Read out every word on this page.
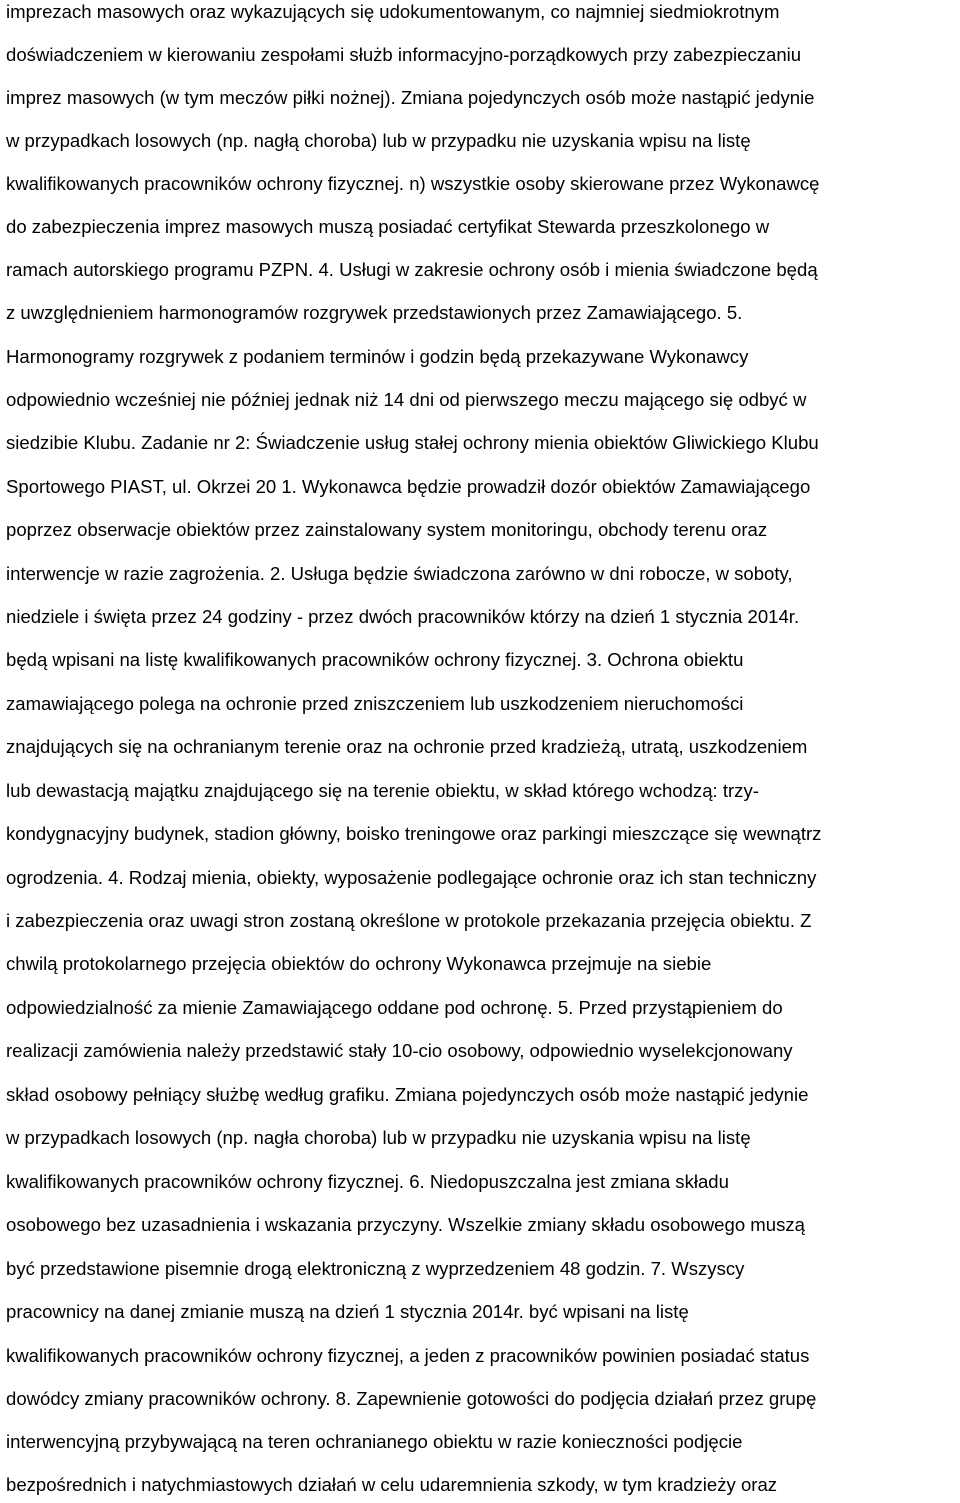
imprezach masowych oraz wykazujących się udokumentowanym, co najmniej siedmiokrotnym
doświadczeniem w kierowaniu zespołami służb informacyjno-porządkowych przy zabezpieczaniu
imprez masowych (w tym meczów piłki nożnej). Zmiana pojedynczych osób może nastąpić jedynie
w przypadkach losowych (np. nagłą choroba) lub w przypadku nie uzyskania wpisu na listę
kwalifikowanych pracowników ochrony fizycznej. n) wszystkie osoby skierowane przez Wykonawcę
do zabezpieczenia imprez masowych muszą posiadać certyfikat Stewarda przeszkolonego w
ramach autorskiego programu PZPN. 4. Usługi w zakresie ochrony osób i mienia świadczone będą
z uwzględnieniem harmonogramów rozgrywek przedstawionych przez Zamawiającego. 5.
Harmonogramy rozgrywek z podaniem terminów i godzin będą przekazywane Wykonawcy
odpowiednio wcześniej nie później jednak niż 14 dni od pierwszego meczu mającego się odbyć w
siedzibie Klubu. Zadanie nr 2: Świadczenie usług stałej ochrony mienia obiektów Gliwickiego Klubu
Sportowego PIAST, ul. Okrzei 20 1. Wykonawca będzie prowadził dozór obiektów Zamawiającego
poprzez obserwacje obiektów przez zainstalowany system monitoringu, obchody terenu oraz
interwencje w razie zagrożenia. 2. Usługa będzie świadczona zarówno w dni robocze, w soboty,
niedziele i święta przez 24 godziny - przez dwóch pracowników którzy na dzień 1 stycznia 2014r.
będą wpisani na listę kwalifikowanych pracowników ochrony fizycznej. 3. Ochrona obiektu
zamawiającego polega na ochronie przed zniszczeniem lub uszkodzeniem nieruchomości
znajdujących się na ochranianym terenie oraz na ochronie przed kradzieżą, utratą, uszkodzeniem
lub dewastacją majątku znajdującego się na terenie obiektu, w skład którego wchodzą: trzy-
kondygnacyjny budynek, stadion główny, boisko treningowe oraz parkingi mieszczące się wewnątrz
ogrodzenia. 4. Rodzaj mienia, obiekty, wyposażenie podlegające ochronie oraz ich stan techniczny
i zabezpieczenia oraz uwagi stron zostaną określone w protokole przekazania przejęcia obiektu. Z
chwilą protokolarnego przejęcia obiektów do ochrony Wykonawca przejmuje na siebie
odpowiedzialność za mienie Zamawiającego oddane pod ochronę. 5. Przed przystąpieniem do
realizacji zamówienia należy przedstawić stały 10-cio osobowy, odpowiednio wyselekcjonowany
skład osobowy pełniący służbę według grafiku. Zmiana pojedynczych osób może nastąpić jedynie
w przypadkach losowych (np. nagła choroba) lub w przypadku nie uzyskania wpisu na listę
kwalifikowanych pracowników ochrony fizycznej. 6. Niedopuszczalna jest zmiana składu
osobowego bez uzasadnienia i wskazania przyczyny. Wszelkie zmiany składu osobowego muszą
być przedstawione pisemnie drogą elektroniczną z wyprzedzeniem 48 godzin. 7. Wszyscy
pracownicy na danej zmianie muszą na dzień 1 stycznia 2014r. być wpisani na listę
kwalifikowanych pracowników ochrony fizycznej, a jeden z pracowników powinien posiadać status
dowódcy zmiany pracowników ochrony. 8. Zapewnienie gotowości do podjęcia działań przez grupę
interwencyjną przybywającą na teren ochranianego obiektu w razie konieczności podjęcie
bezpośrednich i natychmiastowych działań w celu udaremnienia szkody, w tym kradzieży oraz
